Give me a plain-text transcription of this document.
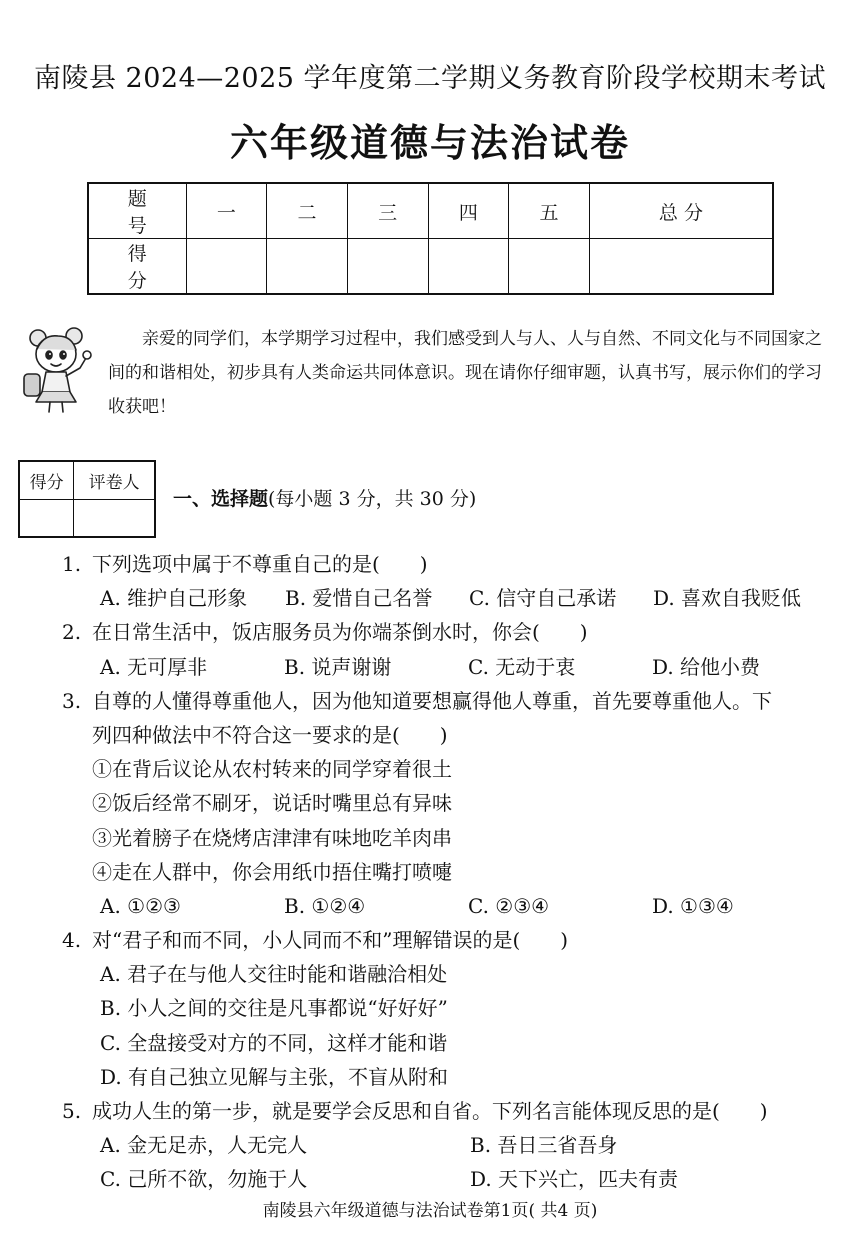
南陵县 2024—2025 学年度第二学期义务教育阶段学校期末考试
六年级道德与法治试卷
题 号	一	二	三	四	五	总 分
得 分						
亲爱的同学们，本学期学习过程中，我们感受到人与人、人与自然、不同文化与不同国家之间的和谐相处，初步具有人类命运共同体意识。现在请你仔细审题，认真书写，展示你们的学习收获吧！
得分	评卷人

一、选择题(每小题 3 分，共 30 分)
1. 下列选项中属于不尊重自己的是(　　)
A. 维护自己形象	B. 爱惜自己名誉	C. 信守自己承诺	D. 喜欢自我贬低
2. 在日常生活中，饭店服务员为你端茶倒水时，你会(　　)
A. 无可厚非	B. 说声谢谢	C. 无动于衷	D. 给他小费
3. 自尊的人懂得尊重他人，因为他知道要想赢得他人尊重，首先要尊重他人。下
列四种做法中不符合这一要求的是(　　)
①在背后议论从农村转来的同学穿着很土
②饭后经常不刷牙，说话时嘴里总有异味
③光着膀子在烧烤店津津有味地吃羊肉串
④走在人群中，你会用纸巾捂住嘴打喷嚏
A. ①②③	B. ①②④	C. ②③④	D. ①③④
4. 对“君子和而不同，小人同而不和”理解错误的是(　　)
A. 君子在与他人交往时能和谐融洽相处
B. 小人之间的交往是凡事都说“好好好”
C. 全盘接受对方的不同，这样才能和谐
D. 有自己独立见解与主张，不盲从附和
5. 成功人生的第一步，就是要学会反思和自省。下列名言能体现反思的是(　　)
A. 金无足赤，人无完人	B. 吾日三省吾身
C. 己所不欲，勿施于人	D. 天下兴亡，匹夫有责
南陵县六年级道德与法治试卷第1页( 共4 页)
